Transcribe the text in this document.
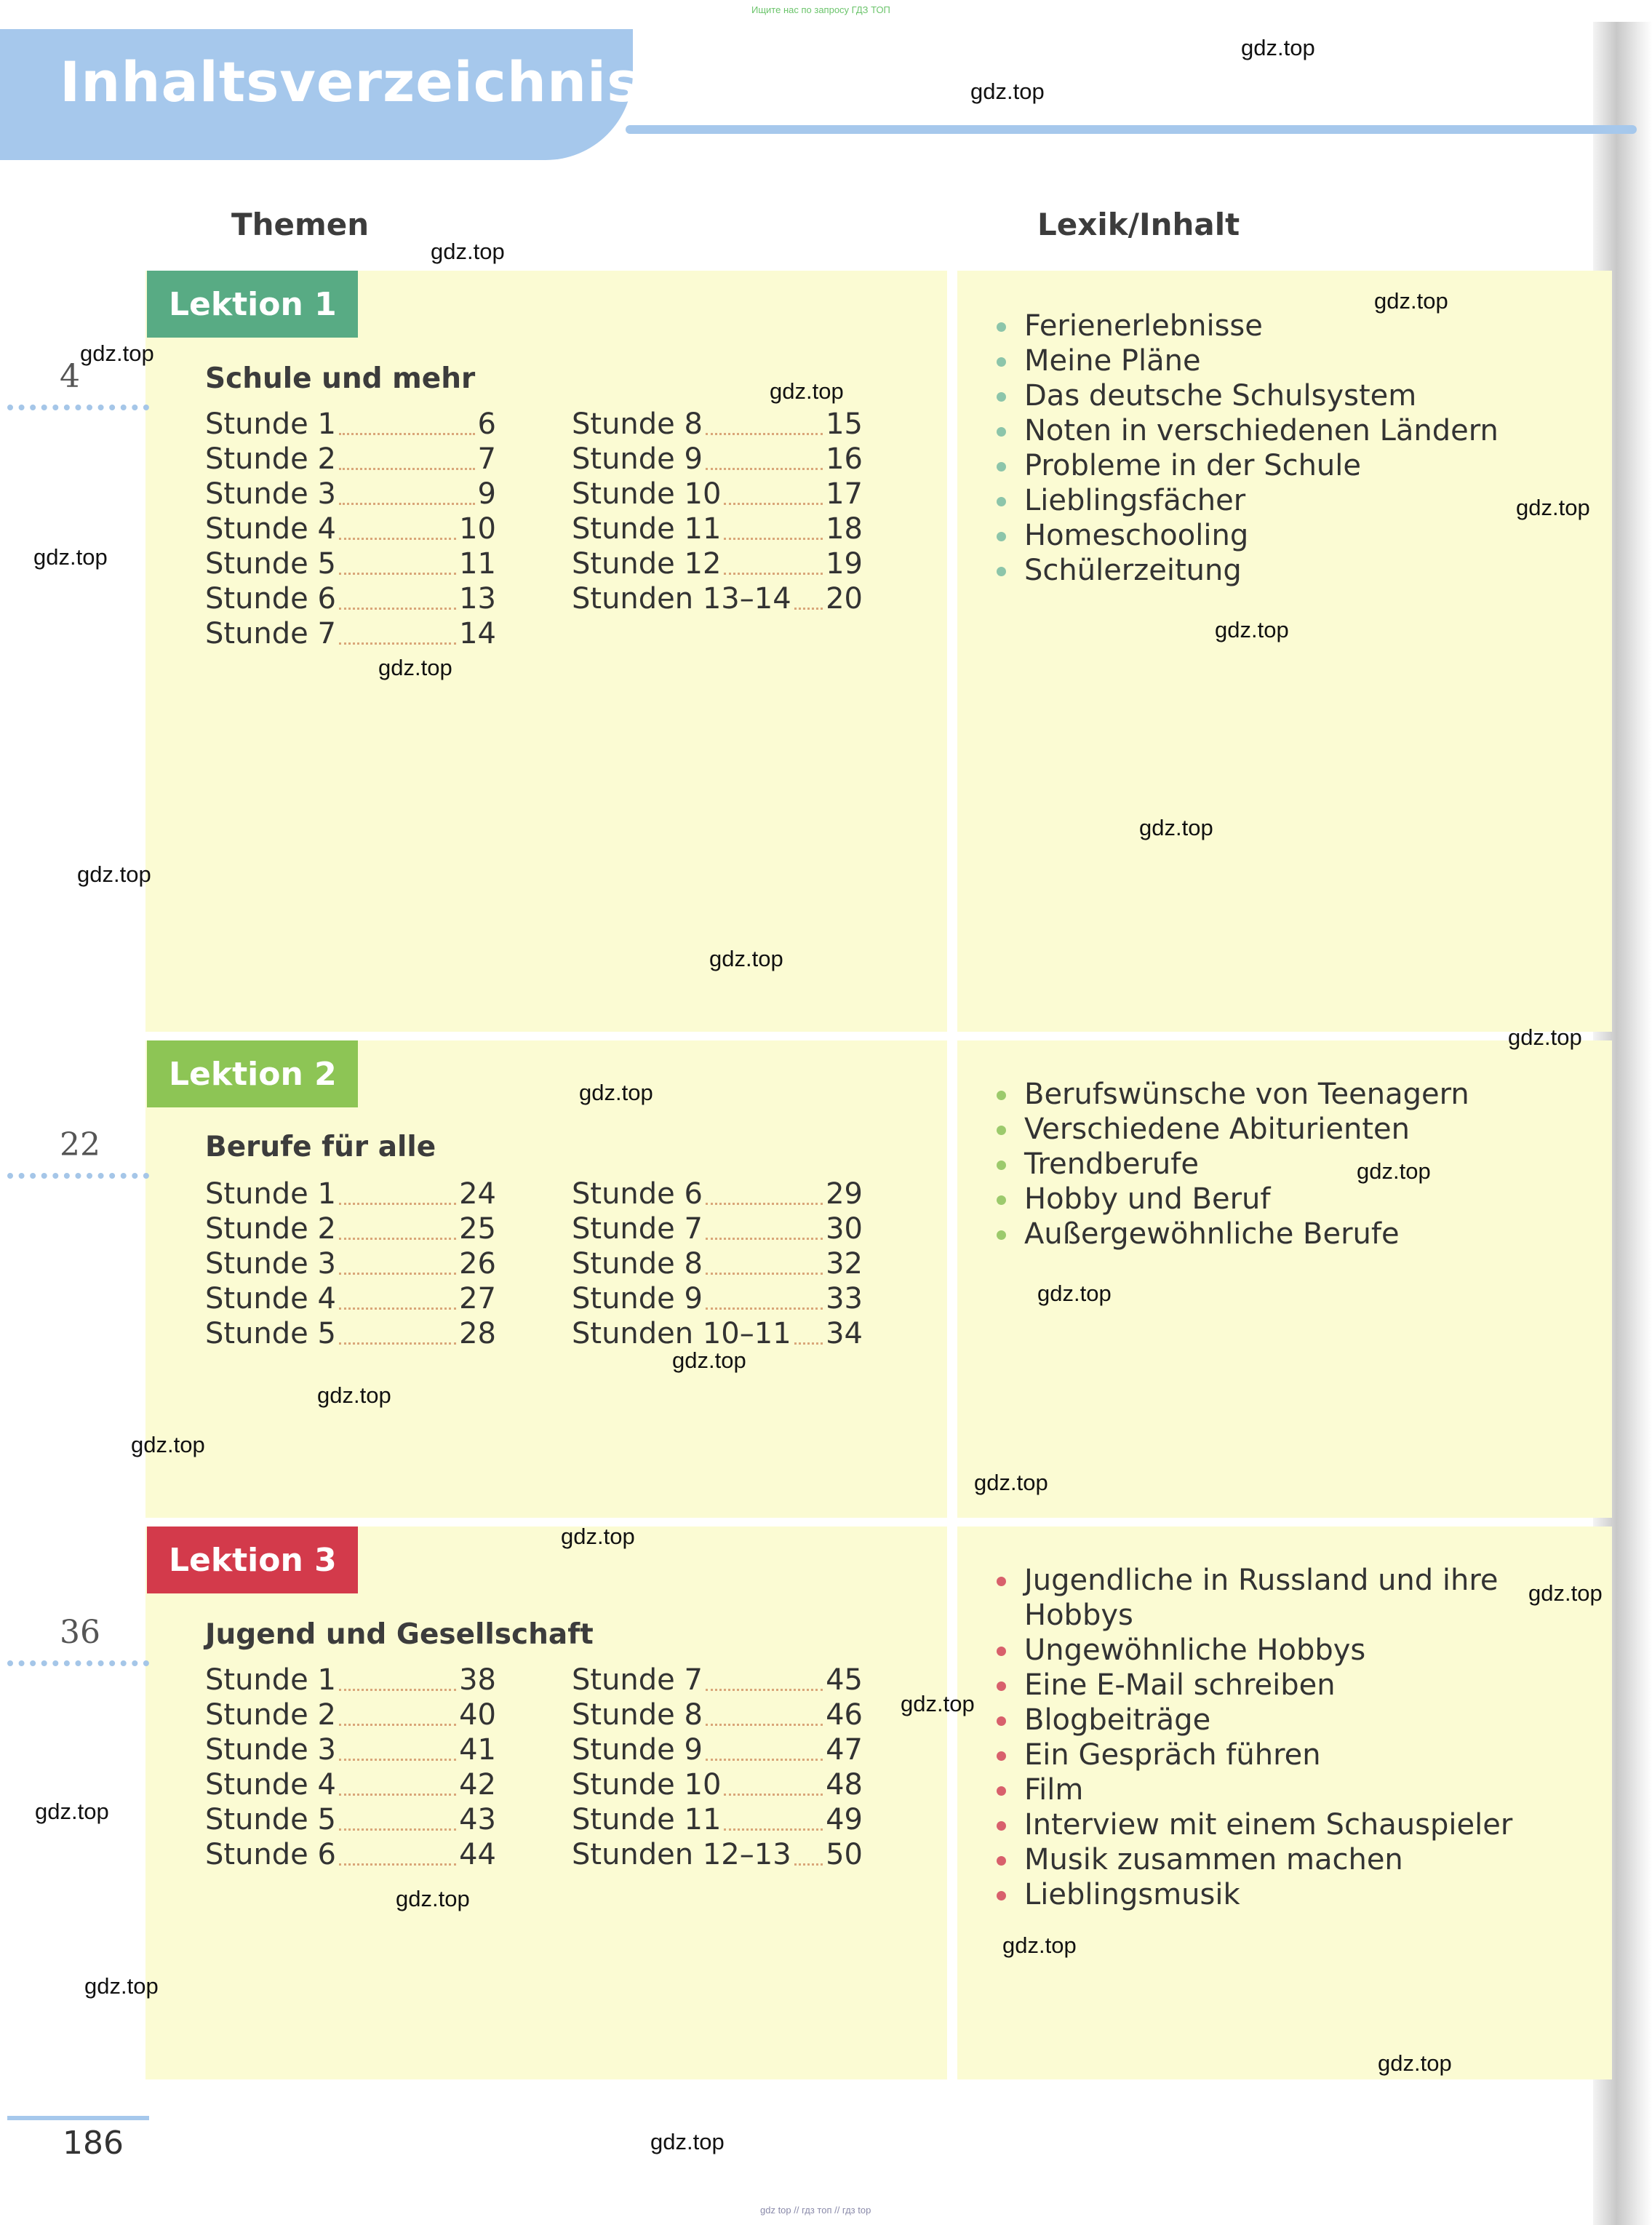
Inhaltsverzeichnis
Ищите нас по запросу ГДЗ ТОП
Themen	Lexik/Inhalt
Lektion 1
4	Schule und mehr
Stunde 1	6
Stunde 2	7
Stunde 3	9
Stunde 4	10
Stunde 5	11
Stunde 6	13
Stunde 7	14
Stunde 8	15
Stunde 9	16
Stunde 10	17
Stunde 11	18
Stunde 12	19
Stunden 13–14 20
Ferienerlebnisse
Meine Pläne
Das deutsche Schulsystem
Noten in verschiedenen Ländern
Probleme in der Schule
Lieblingsfächer
Homeschooling
Schülerzeitung
Lektion 2
22	Berufe für alle
Stunde 1	24
Stunde 2	25
Stunde 3	26
Stunde 4	27
Stunde 5	28
Stunde 6	29
Stunde 7	30
Stunde 8	32
Stunde 9	33
Stunden 10–11 34
Berufswünsche von Teenagern
Verschiedene Abiturienten
Trendberufe
Hobby und Beruf
Außergewöhnliche Berufe
Lektion 3
36	Jugend und Gesellschaft
Stunde 1	38
Stunde 2	40
Stunde 3	41
Stunde 4	42
Stunde 5	43
Stunde 6	44
Stunde 7	45
Stunde 8	46
Stunde 9	47
Stunde 10	48
Stunde 11	49
Stunden 12–13 50
Jugendliche in Russland und ihre
Hobbys
Ungewöhnliche Hobbys
Eine E-Mail schreiben
Blogbeiträge
Ein Gespräch führen
Film
Interview mit einem Schauspieler
Musik zusammen machen
Lieblingsmusik
186
gdz top // гдз топ // гдз top
gdz.top
gdz.top
gdz.top
gdz.top
gdz.top
gdz.top
gdz.top
gdz.top
gdz.top
gdz.top
gdz.top
gdz.top
gdz.top
gdz.top
gdz.top
gdz.top
gdz.top
gdz.top
gdz.top
gdz.top
gdz.top
gdz.top
gdz.top
gdz.top
gdz.top
gdz.top
gdz.top
gdz.top
gdz.top
gdz.top
